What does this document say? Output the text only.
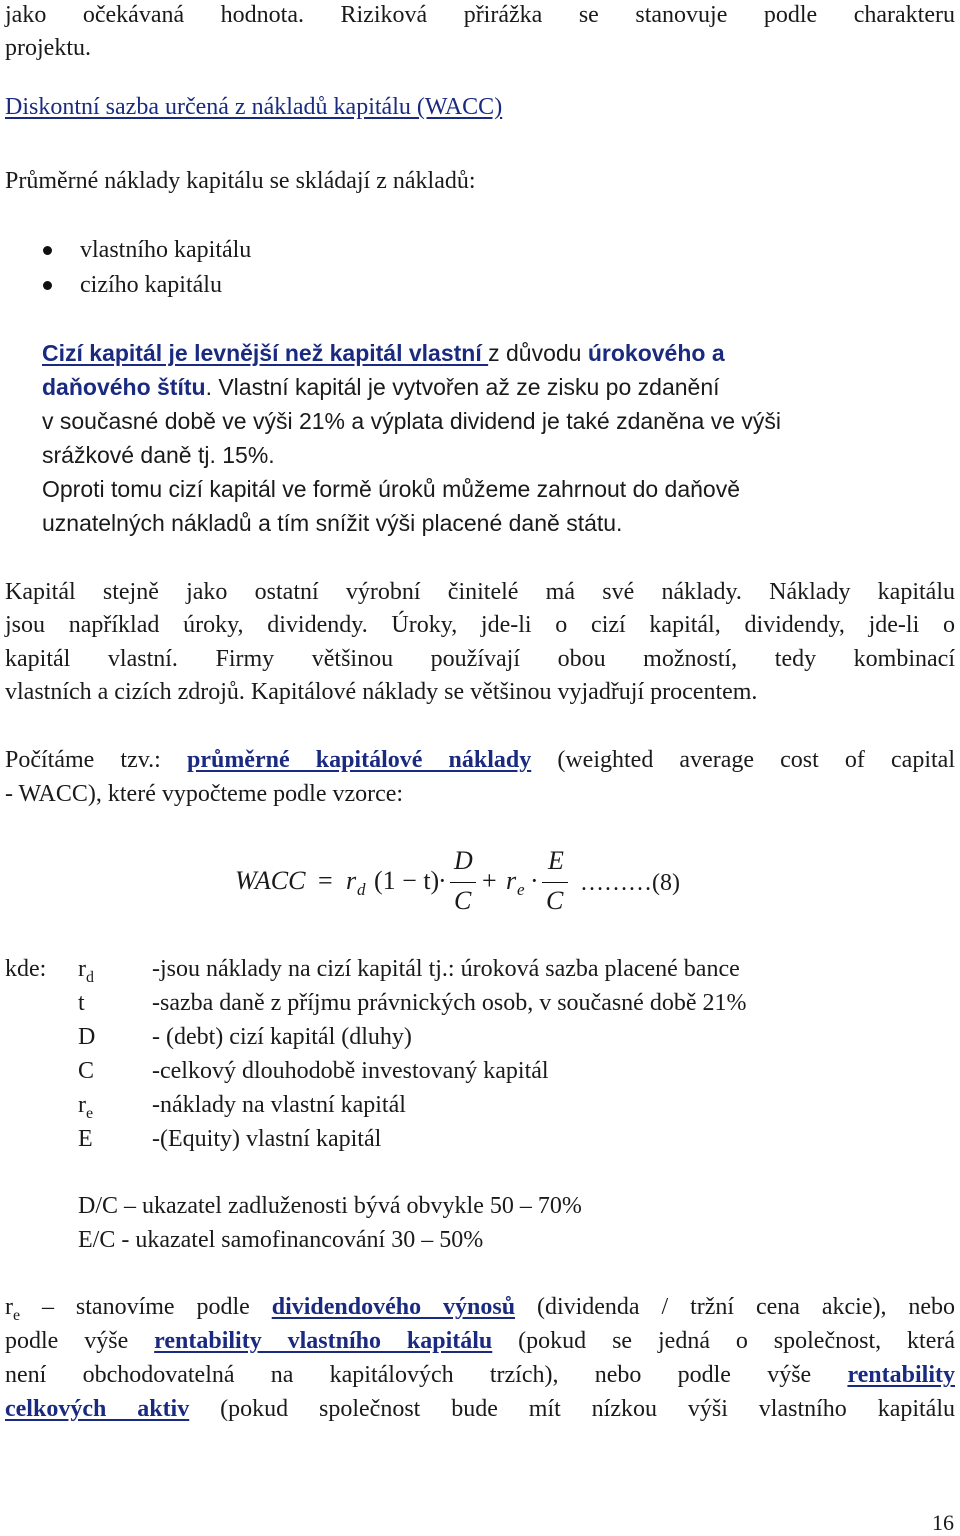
jako očekávaná hodnota. Riziková přirážka se stanovuje podle charakteru
projektu.
Diskontní sazba určená z nákladů kapitálu (WACC)
Průměrné náklady kapitálu se skládají z nákladů:
vlastního kapitálu
cizího kapitálu
Cizí kapitál je levnější než kapitál vlastní z důvodu úrokového a
daňového štítu. Vlastní kapitál je vytvořen až ze zisku po zdanění
v současné době ve výši 21% a výplata dividend je také zdaněna ve výši
srážkové daně tj. 15%.
Oproti tomu cizí kapitál ve formě úroků můžeme zahrnout do daňově
uznatelných nákladů a tím snížit výši placené daně státu.
Kapitál stejně jako ostatní výrobní činitelé má své náklady. Náklady kapitálu
jsou například úroky, dividendy. Úroky, jde-li o cizí kapitál, dividendy, jde-li o
kapitál vlastní. Firmy většinou používají obou možností, tedy kombinací
vlastních a cizích zdrojů. Kapitálové náklady se většinou vyjadřují procentem.
Počítáme tzv.: průměrné kapitálové náklady (weighted average cost of capital
- WACC), které vypočteme podle vzorce:
WACC = r d (1 − t)
·
D
C
+ r e ·
E
C
………(8)
kde: $r_d$ -jsou náklady na cizí kapitál tj.: úroková sazba placené bance
t	-sazba daně z příjmu právnických osob, v současné době 21%
D - (debt) cizí kapitál (dluhy)
C -celkový dlouhodobě investovaný kapitál
$r_e$ -náklady na vlastní kapitál
E -(Equity) vlastní kapitál
D/C – ukazatel zadluženosti bývá obvykle 50 – 70%
E/C - ukazatel samofinancování 30 – 50%
$r_e$ – stanovíme podle dividendového výnosů (dividenda / tržní cena akcie), nebo
podle výše rentability vlastního kapitálu (pokud se jedná o společnost, která
není obchodovatelná na kapitálových trzích), nebo podle výše rentability
celkových aktiv (pokud společnost bude mít nízkou výši vlastního kapitálu
16
